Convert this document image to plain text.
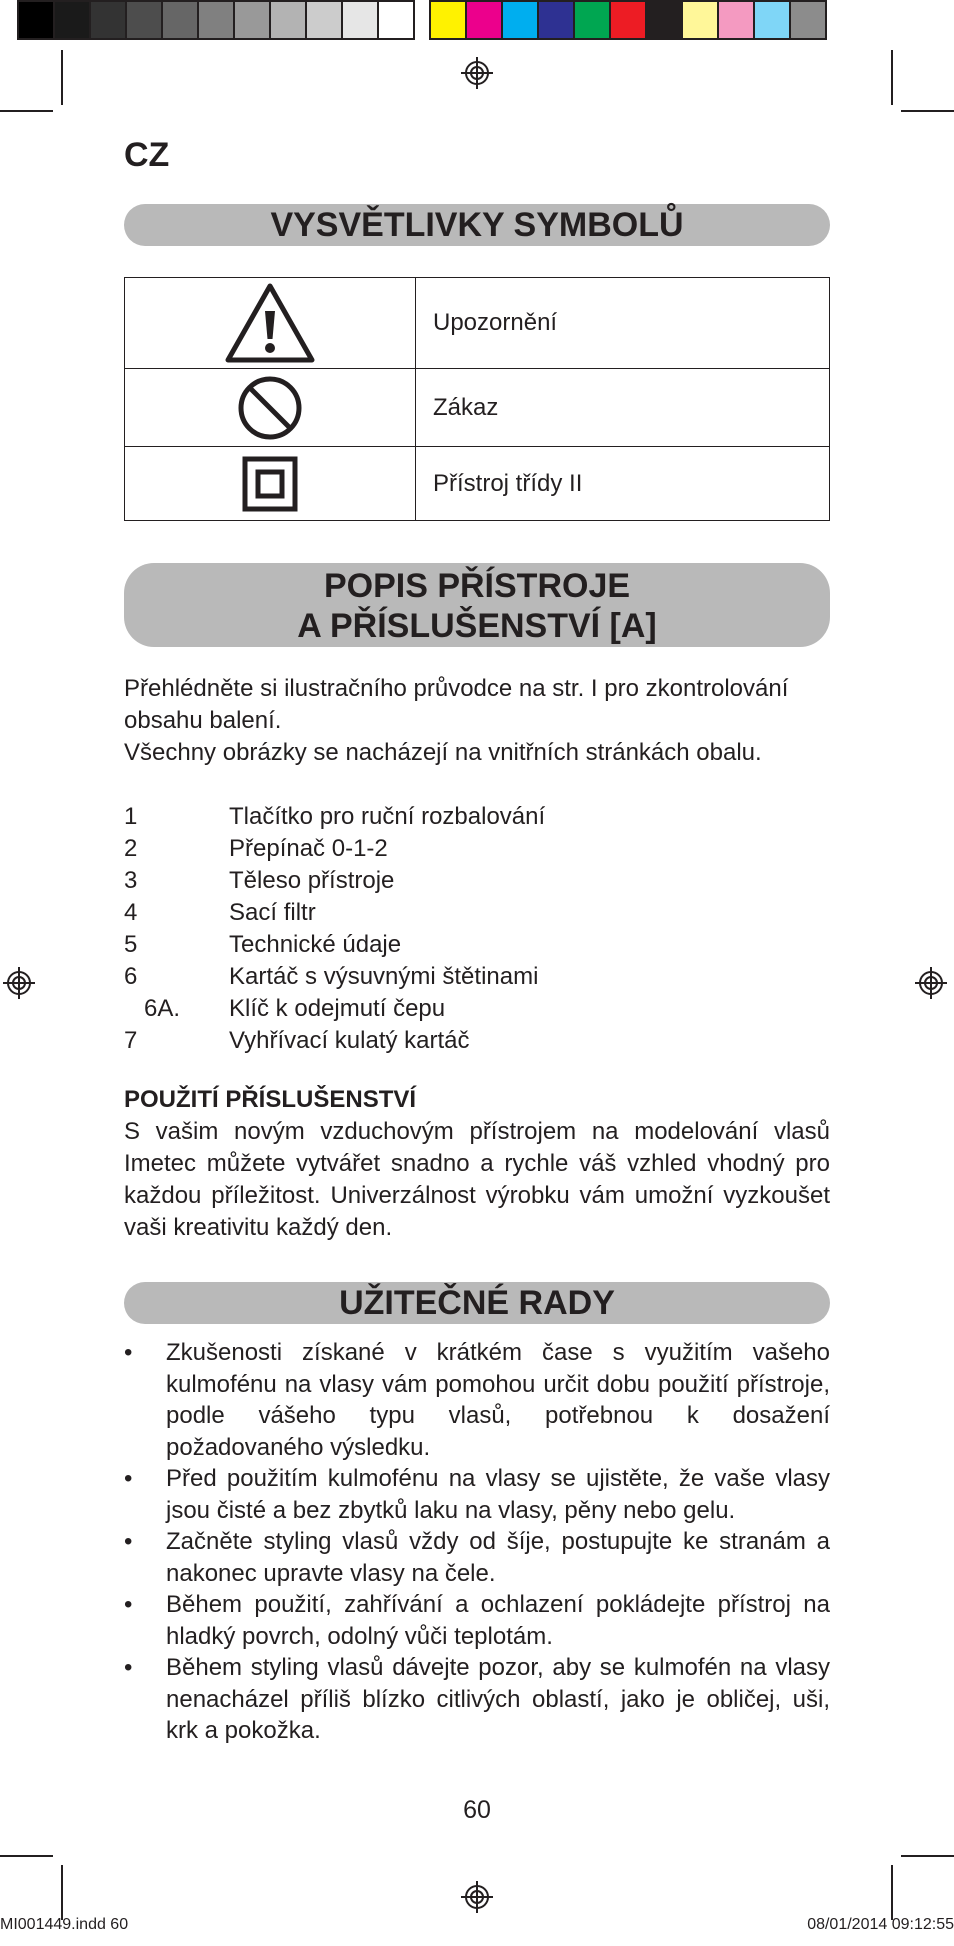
CZ
VYSVĚTLIVKY SYMBOLŮ
	Upozornění

	Zákaz

	Přístroj třídy II
POPIS PŘÍSTROJE
A PŘÍSLUŠENSTVÍ [A]
Přehlédněte si ilustračního průvodce na str. I pro zkontrolování obsahu balení.
Všechny obrázky se nacházejí na vnitřních stránkách obalu.
1	Tlačítko pro ruční rozbalování
2	Přepínač 0-1-2
3	Těleso přístroje
4	Sací filtr
5	Technické údaje
6	Kartáč s výsuvnými štětinami
6A.	Klíč k odejmutí čepu
7	Vyhřívací kulatý kartáč
POUŽITÍ PŘÍSLUŠENSTVÍ
S vašim novým vzduchovým přístrojem na modelování vlasů Imetec můžete vytvářet snadno a rychle váš vzhled vhodný pro každou příležitost. Univerzálnost výrobku vám umožní vyzkoušet vaši kreativitu každý den.
UŽITEČNÉ RADY
• Zkušenosti získané v krátkém čase s využitím vašeho kulmofénu na vlasy vám pomohou určit dobu použití přístroje, podle vášeho typu vlasů, potřebnou k dosažení požadovaného výsledku.
• Před použitím kulmofénu na vlasy se ujistěte, že vaše vlasy jsou čisté a bez zbytků laku na vlasy, pěny nebo gelu.
• Začněte styling vlasů vždy od šíje, postupujte ke stranám a nakonec upravte vlasy na čele.
• Během použití, zahřívání a ochlazení pokládejte přístroj na hladký povrch, odolný vůči teplotám.
• Během styling vlasů dávejte pozor, aby se kulmofén na vlasy nenacházel příliš blízko citlivých oblastí, jako je obličej, uši, krk a pokožka.
60
MI001449.indd 60	08/01/2014 09:12:55
